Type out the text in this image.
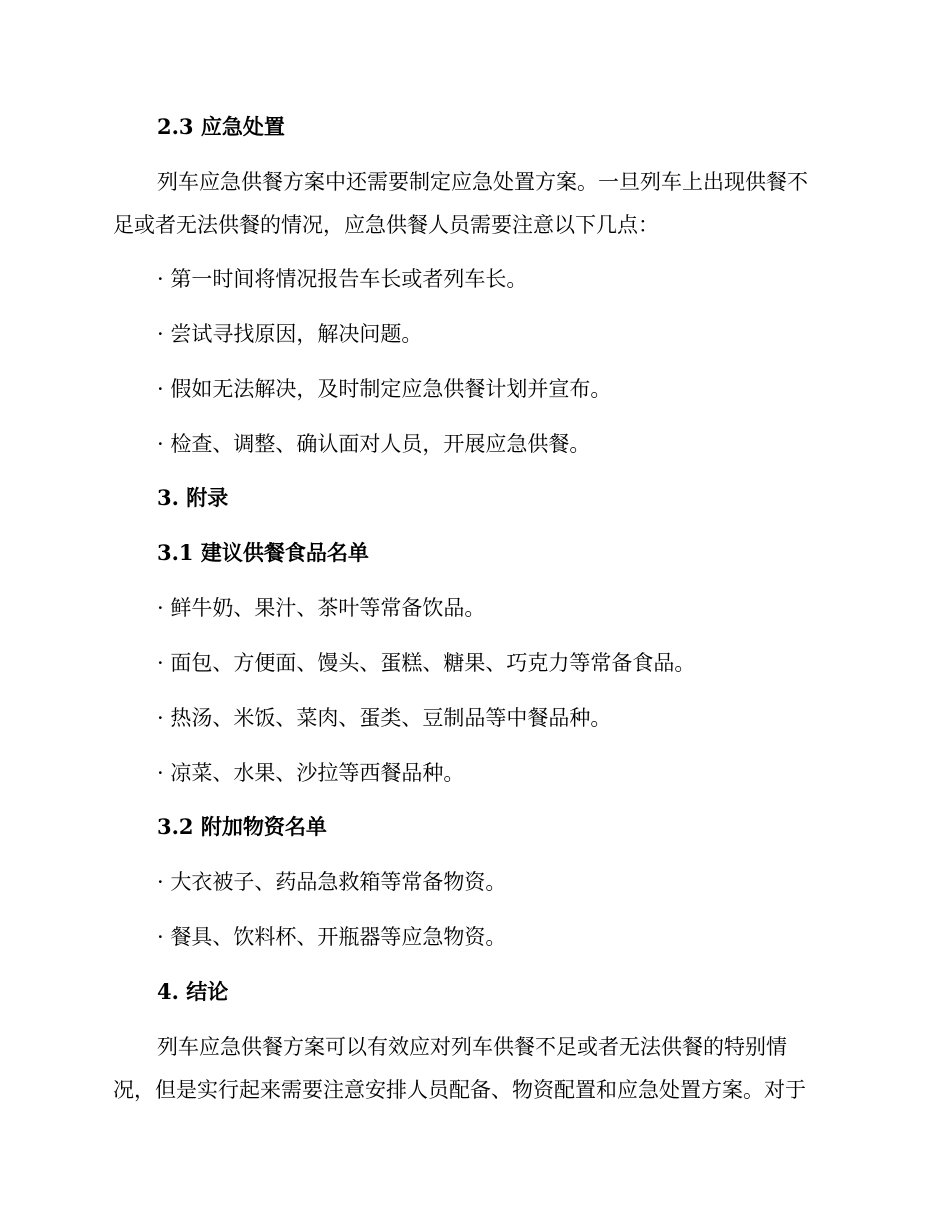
2.3 应急处置

列车应急供餐方案中还需要制定应急处置方案。一旦列车上出现供餐不

足或者无法供餐的情况，应急供餐人员需要注意以下几点：

· 第一时间将情况报告车长或者列车长。

· 尝试寻找原因，解决问题。

· 假如无法解决，及时制定应急供餐计划并宣布。

· 检查、调整、确认面对人员，开展应急供餐。

3. 附录

3.1 建议供餐食品名单

· 鲜牛奶、果汁、茶叶等常备饮品。

· 面包、方便面、馒头、蛋糕、糖果、巧克力等常备食品。

· 热汤、米饭、菜肉、蛋类、豆制品等中餐品种。

· 凉菜、水果、沙拉等西餐品种。

3.2 附加物资名单

· 大衣被子、药品急救箱等常备物资。

· 餐具、饮料杯、开瓶器等应急物资。

4. 结论

列车应急供餐方案可以有效应对列车供餐不足或者无法供餐的特别情

况，但是实行起来需要注意安排人员配备、物资配置和应急处置方案。对于
